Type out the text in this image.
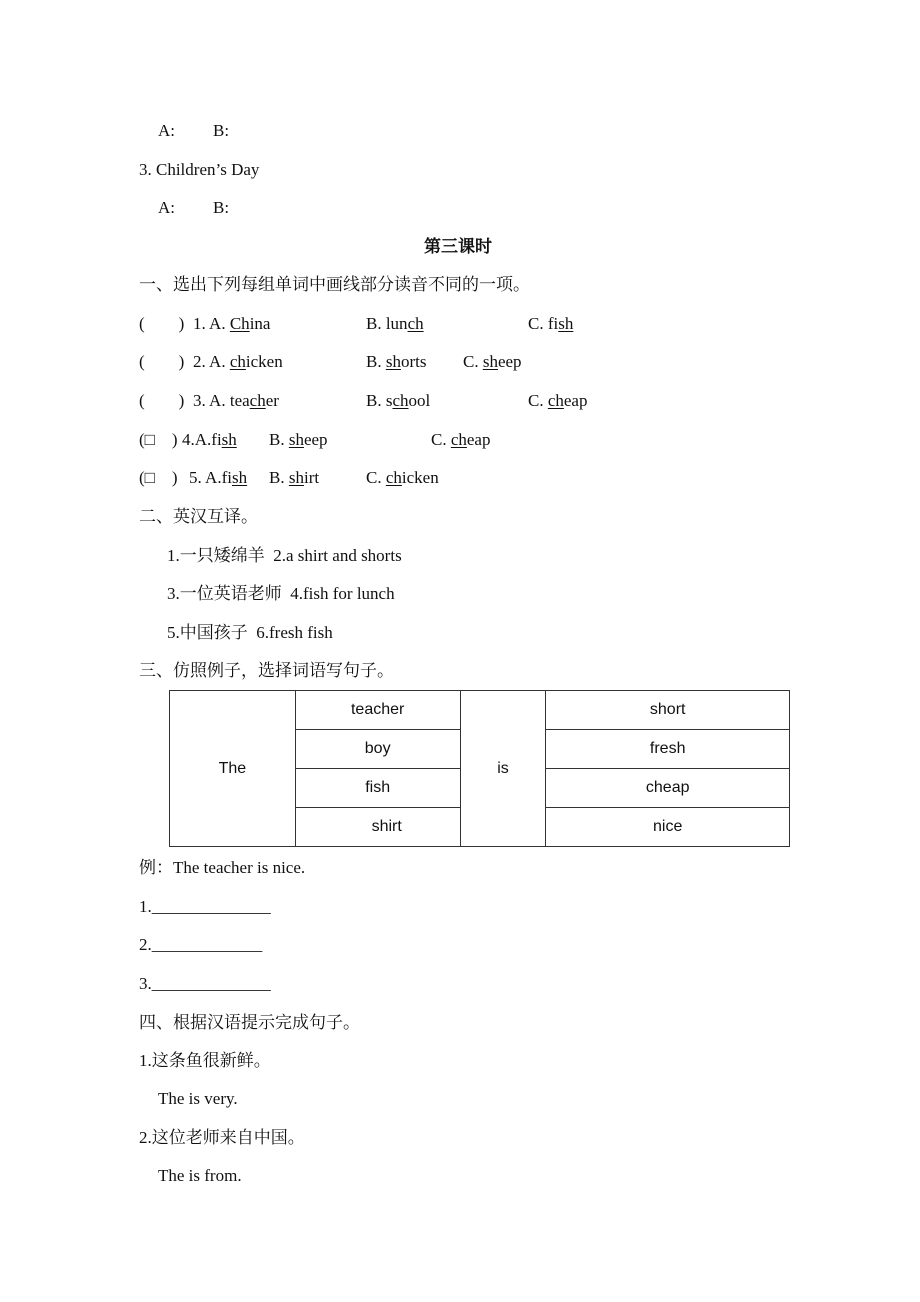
A: B:
3. Children’s Day
A: B:
第三课时
一、选出下列每组单词中画线部分读音不同的一项。
(        ) 1. A. China	B. lunch	C. fish
(        ) 2. A. chicken	B. shorts C. sheep
(        ) 3. A. teacher	B. school	C. cheap
(□    ) 4.A.fish B. sheep	C. cheap
(□    ) 5. A.fish B. shirt	C. chicken
二、英汉互译。
1.一只矮绵羊  2.a shirt and shorts
3.一位英语老师  4.fish for lunch
5.中国孩子  6.fresh fish
三、仿照例子，选择词语写句子。
The	teacher	is	short
	boy		fresh
	fish		cheap
	shirt		nice
例：The teacher is nice.
1.______________
2._____________
3.______________
四、根据汉语提示完成句子。
1.这条鱼很新鲜。
The is very.
2.这位老师来自中国。
The is from.
